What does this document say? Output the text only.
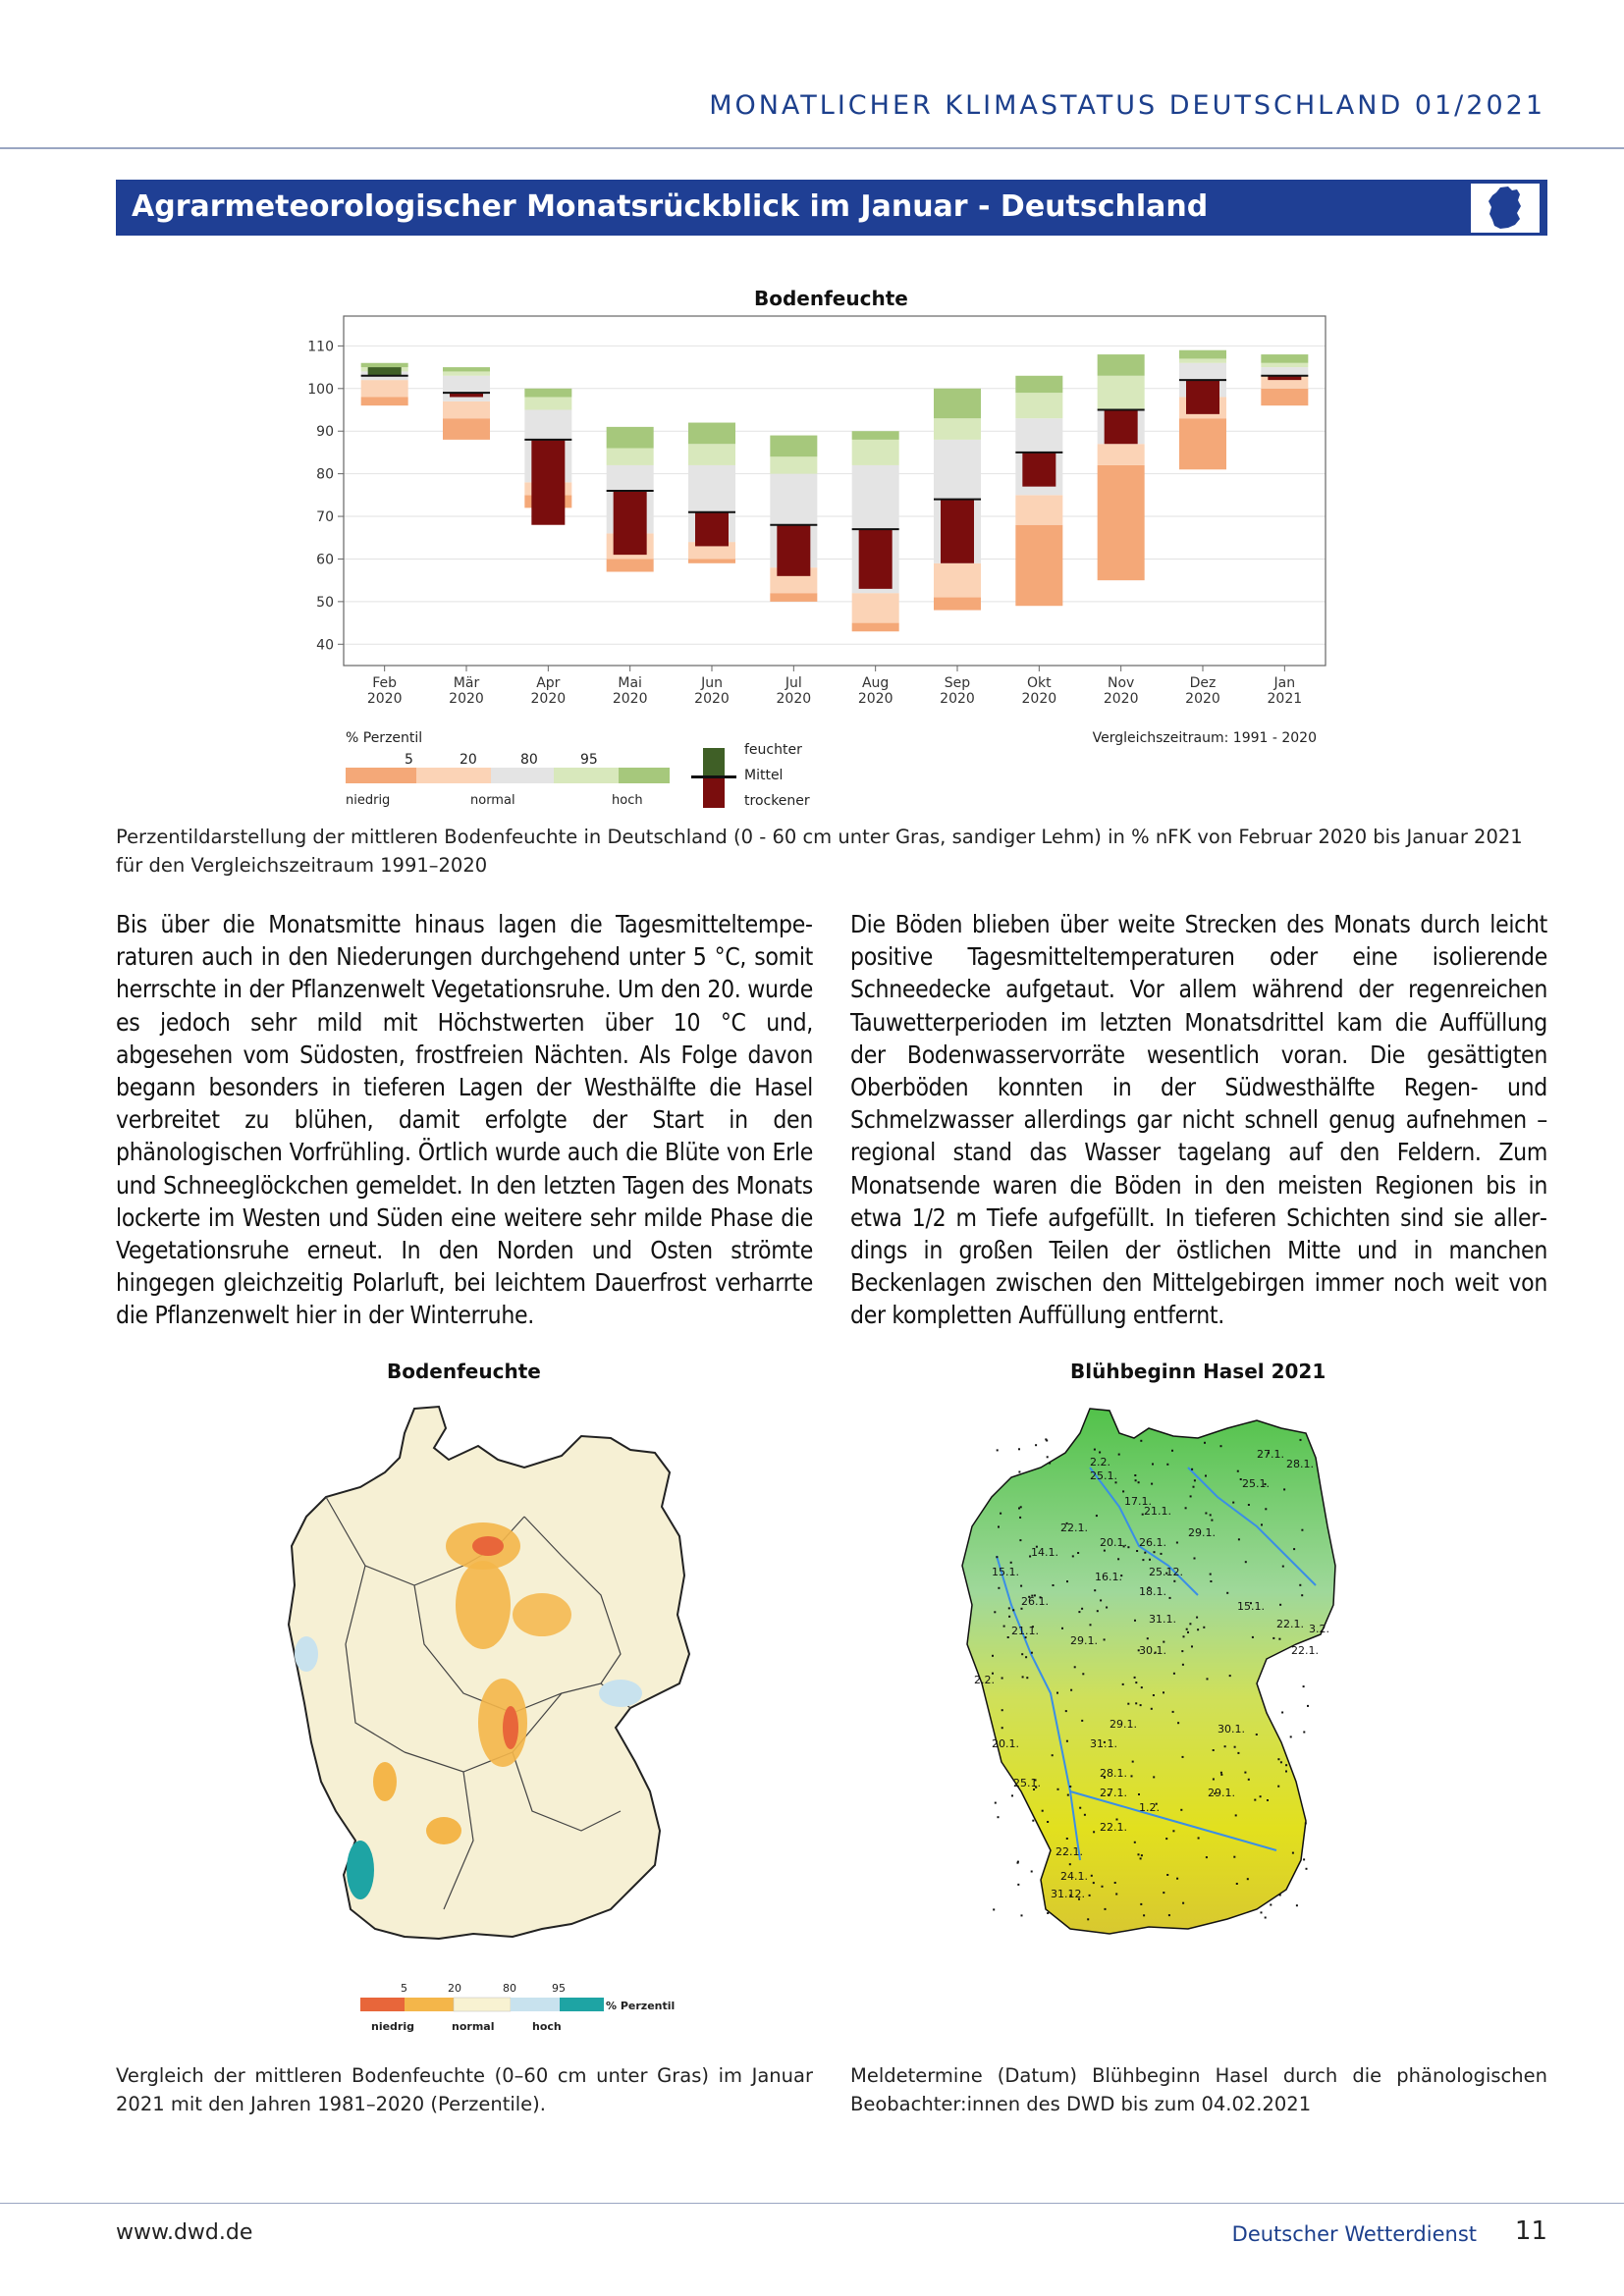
MONATLICHER KLIMASTATUS DEUTSCHLAND 01/2021
Agrarmeteorologischer Monatsrückblick im Januar - Deutschland
Bodenfeuchte
40
50
60
70
80
90
100
110
Feb
2020
Mär
2020
Apr
2020
Mai
2020
Jun
2020
Jul
2020
Aug
2020
Sep
2020
Okt
2020
Nov
2020
Dez
2020
Jan
2021
% Perzentil
5	20	80	95
niedrig	normal	hoch
feuchter
Mittel
trockener
Vergleichszeitraum: 1991 - 2020
Perzentildarstellung der mittleren Bodenfeuchte in Deutschland (0 - 60 cm unter Gras, sandiger Lehm) in % nFK von Februar 2020 bis Januar 2021 für den Vergleichszeitraum 1991–2020
Bis über die Monatsmitte hinaus lagen die Tagesmitteltemperaturen auch in den Niederungen durchgehend unter 5 °C, somit herrschte in der Pflanzenwelt Vegetationsruhe. Um den 20. wurde es jedoch sehr mild mit Höchstwerten über 10 °C und, abgesehen vom Südosten, frostfreien Nächten. Als Folge davon begann besonders in tieferen Lagen der Westhälfte die Hasel verbreitet zu blühen, damit erfolgte der Start in den phänologischen Vorfrühling. Örtlich wurde auch die Blüte von Erle und Schneeglöckchen gemeldet. In den letzten Tagen des Monats lockerte im Westen und Süden eine weitere sehr milde Phase die Vegetationsruhe erneut. In den Norden und Osten strömte hingegen gleichzeitig Polarluft, bei leichtem Dauerfrost verharrte die Pflanzenwelt hier in der Winterruhe.
Die Böden blieben über weite Strecken des Monats durch leicht positive Tagesmitteltemperaturen oder eine isolierende Schneedecke aufgetaut. Vor allem während der regenreichen Tauwetterperioden im letzten Monatsdrittel kam die Auffüllung der Bodenwasservorräte wesentlich voran. Die gesättigten Oberböden konnten in der Südwesthälfte Regen- und Schmelzwasser allerdings gar nicht schnell genug aufnehmen – regional stand das Wasser tagelang auf den Feldern. Zum Monatsende waren die Böden in den meisten Regionen bis in etwa 1/2 m Tiefe aufgefüllt. In tieferen Schichten sind sie allerdings in großen Teilen der östlichen Mitte und in manchen Beckenlagen zwischen den Mittelgebirgen immer noch weit von der kompletten Auffüllung entfernt.
Bodenfeuchte
5	20	80	95
% Perzentil
niedrig	normal	hoch
Vergleich der mittleren Bodenfeuchte (0–60 cm unter Gras) im Januar 2021 mit den Jahren 1981–2020 (Perzentile).
Blühbeginn Hasel 2021
2.2.
25.1.
27.1.
28.1.
17.1.
21.1.
25.1.
22.1.
26.1.
29.1.
20.1.
15.1.
14.1.
25.12.
16.1.
18.1.
26.1.	15.1.
31.1.	22.1. 3.2.
21.1.
29.1.
30.1.	22.1.
2.2.
20.1.
29.1.	30.1.
31.1.
28.1.
27.1.	29.1.
25.1.
22.1.
1.2.
22.1.
24.1.
31.12.
Meldetermine (Datum) Blühbeginn Hasel durch die phänologischen Beobachter:innen des DWD bis zum 04.02.2021
www.dwd.de	Deutscher Wetterdienst 11
